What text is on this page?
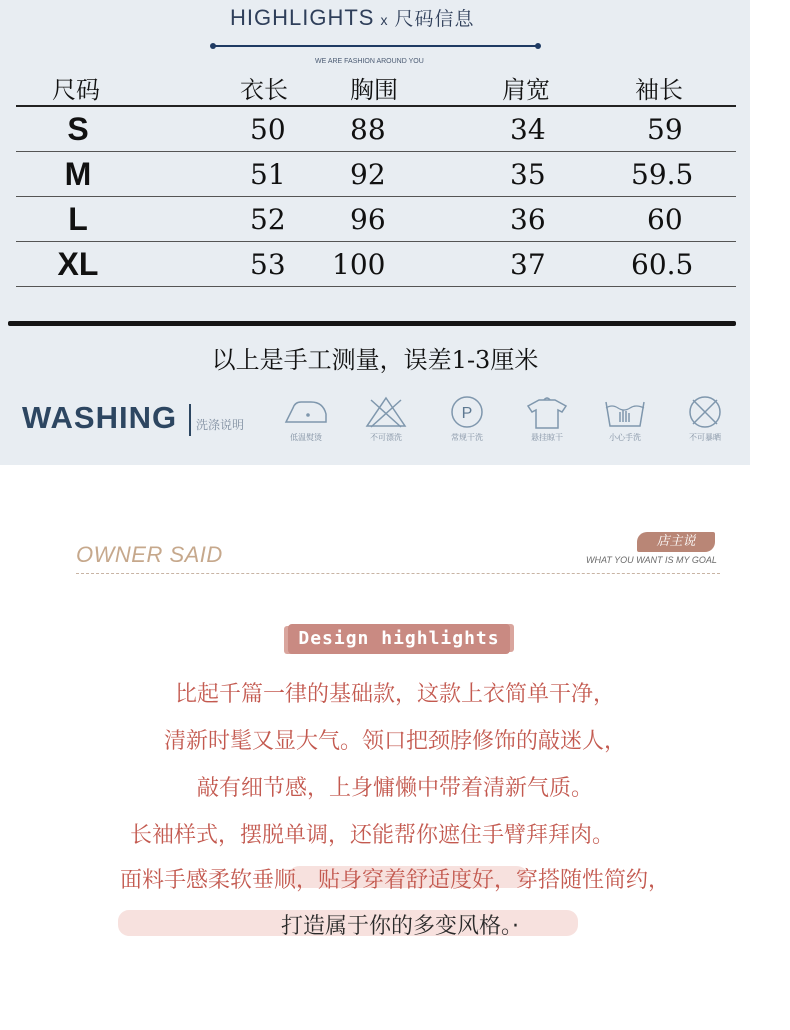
HIGHLIGHTS x 尺码信息
WE ARE FASHION AROUND YOU
尺码	衣长	胸围	肩宽	袖长
S	50	88	34	59
M	51	92	35	59.5
L	52	96	36	60
XL	53	100	37	60.5
以上是手工测量，误差1-3厘米
WASHING 洗涤说明
低温熨烫	不可漂洗
P
常规干洗	悬挂晾干	小心手洗	不可暴晒
OWNER SAID
店主说
WHAT YOU WANT IS MY GOAL
Design highlights
比起千篇一律的基础款，这款上衣简单干净，
清新时髦又显大气。领口把颈脖修饰的敲迷人，
敲有细节感，上身慵懒中带着清新气质。
长袖样式，摆脱单调，还能帮你遮住手臂拜拜肉。
面料手感柔软垂顺，贴身穿着舒适度好，穿搭随性简约，
打造属于你的多变风格。·
